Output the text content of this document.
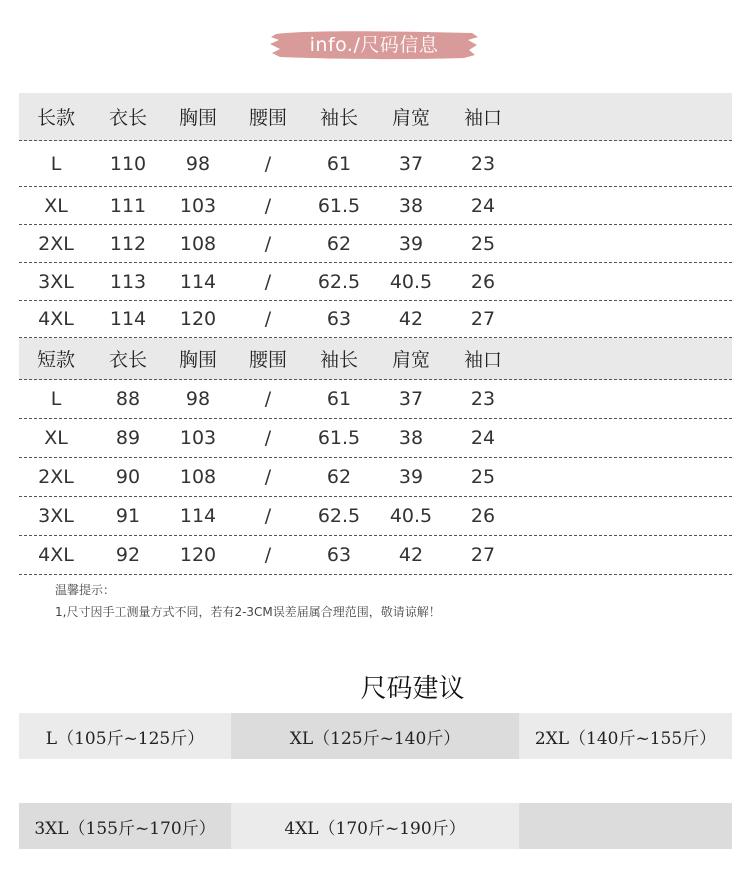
info./尺码信息
长款	衣长	胸围	腰围	袖长	肩宽	袖口
L	110	98	/	61	37	23
XL	111	103	/	61.5	38	24
2XL	112	108	/	62	39	25
3XL	113	114	/	62.5	40.5	26
4XL	114	120	/	63	42	27
短款	衣长	胸围	腰围	袖长	肩宽	袖口
L	88	98	/	61	37	23
XL	89	103	/	61.5	38	24
2XL	90	108	/	62	39	25
3XL	91	114	/	62.5	40.5	26
4XL	92	120	/	63	42	27
温馨提示：
1,尺寸因手工测量方式不同，若有2-3CM误差届属合理范围，敬请谅解！
尺码建议
L（105斤~125斤）	XL（125斤~140斤）	2XL（140斤~155斤）
3XL（155斤~170斤）	4XL（170斤~190斤）
